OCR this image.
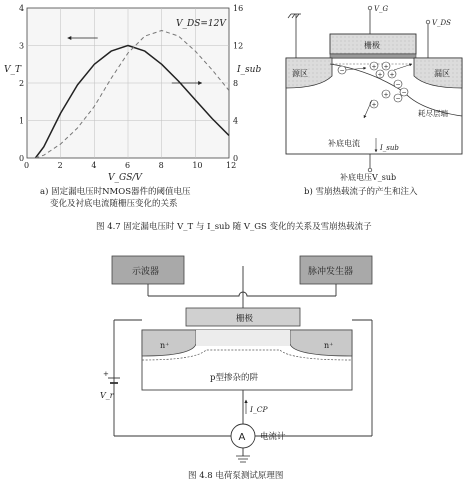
0	2	4	6	8	10	12
0
1
2
3
4
0
4
8
12
16
V_DS=12V
V_T	I_sub
V_GS/V
a) 固定漏电压时NMOS器件的阈值电压
变化及衬底电流随栅压变化的关系
V_G
V_DS
栅极
源区	漏区
耗尽层端
−
+ +
+ +
−
+
−
−
+
补底电流	I_sub
补底电压V_sub
b) 雪崩热载流子的产生和注入
图 4.7 固定漏电压时 V_T 与 I_sub 随 V_GS 变化的关系及雪崩热载流子
示波器	脉冲发生器
+
V_r
栅极
n⁺	n⁺
p型掺杂的阱
I_CP
A 电流计
图 4.8 电荷泵测试原理图
